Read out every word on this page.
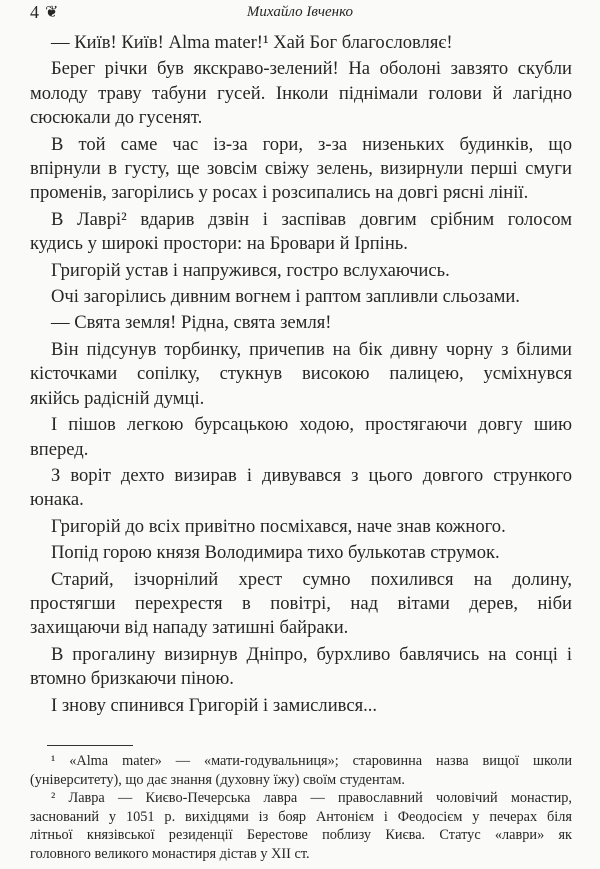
4 ❦	Михайло Івченко
— Київ! Київ! Alma mater!¹ Хай Бог благословляє!
Берег річки був якскраво-зелений! На оболоні завзято скубли
молоду траву табуни гусей. Інколи піднімали голови й лагідно
сюсюкали до гусенят.
В той саме час із-за гори, з-за низеньких будинків, що
впірнули в густу, ще зовсім свіжу зелень, визирнули перші смуги
променів, загорілись у росах і розсипались на довгі рясні лінії.
В Лаврі² вдарив дзвін і заспівав довгим срібним голосом
кудись у широкі простори: на Бровари й Ірпінь.
Григорій устав і напружився, гостро вслухаючись.
Очі загорілись дивним вогнем і раптом запливли сльозами.
— Свята земля! Рідна, свята земля!
Він підсунув торбинку, причепив на бік дивну чорну з білими
кісточками сопілку, стукнув високою палицею, усміхнувся
якійсь радісній думці.
І пішов легкою бурсацькою ходою, простягаючи довгу шию
вперед.
З воріт дехто визирав і дивувався з цього довгого стрункого
юнака.
Григорій до всіх привітно посміхався, наче знав кожного.
Попід горою князя Володимира тихо булькотав струмок.
Старий, ізчорнілий хрест сумно похилився на долину,
простягши перехрестя в повітрі, над вітами дерев, ніби
захищаючи від нападу затишні байраки.
В прогалину визирнув Дніпро, бурхливо бавлячись на сонці і
втомно бризкаючи піною.
І знову спинився Григорій і замислився...
¹ «Alma mater» — «мати-годувальниця»; старовинна назва вищої школи
(університету), що дає знання (духовну їжу) своїм студентам.
² Лавра — Києво-Печерська лавра — православний чоловічий монастир,
заснований у 1051 р. вихідцями із бояр Антонієм і Феодосієм у печерах біля
літньої князівської резиденції Берестове поблизу Києва. Статус «лаври» як
головного великого монастиря дістав у XII ст.
